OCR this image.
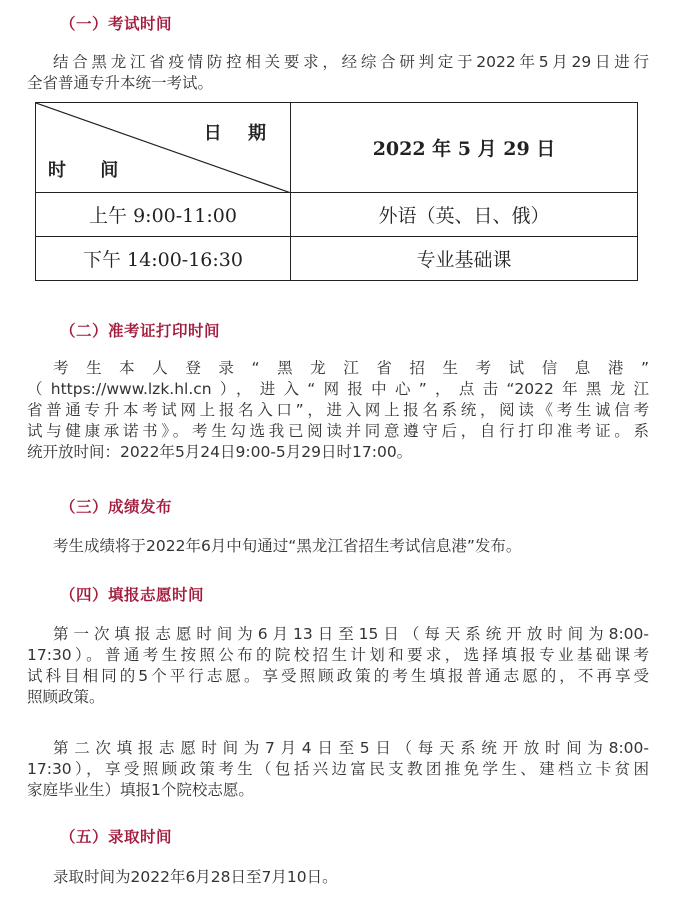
（一）考试时间
结合黑龙江省疫情防控相关要求，经综合研判定于2022年5月29日进行
全省普通专升本统一考试。
日 期
时 间	2022 年 5 月 29 日
上午 9:00-11:00	外语（英、日、俄）
下午 14:00-16:30	专业基础课
（二）准考证打印时间
考生本人登录“黑龙江省招生考试信息港”
（https://www.lzk.hl.cn），进入“网报中心”，点击“2022年黑龙江
省普通专升本考试网上报名入口”，进入网上报名系统，阅读《考生诚信考
试与健康承诺书》。考生勾选我已阅读并同意遵守后，自行打印准考证。系
统开放时间：2022年5月24日9:00-5月29日时17:00。
（三）成绩发布
考生成绩将于2022年6月中旬通过“黑龙江省招生考试信息港”发布。
（四）填报志愿时间
第一次填报志愿时间为6月13日至15日（每天系统开放时间为8:00-
17:30）。普通考生按照公布的院校招生计划和要求，选择填报专业基础课考
试科目相同的5个平行志愿。享受照顾政策的考生填报普通志愿的，不再享受
照顾政策。
第二次填报志愿时间为7月4日至5日（每天系统开放时间为8:00-
17:30），享受照顾政策考生（包括兴边富民支教团推免学生、建档立卡贫困
家庭毕业生）填报1个院校志愿。
（五）录取时间
录取时间为2022年6月28日至7月10日。
